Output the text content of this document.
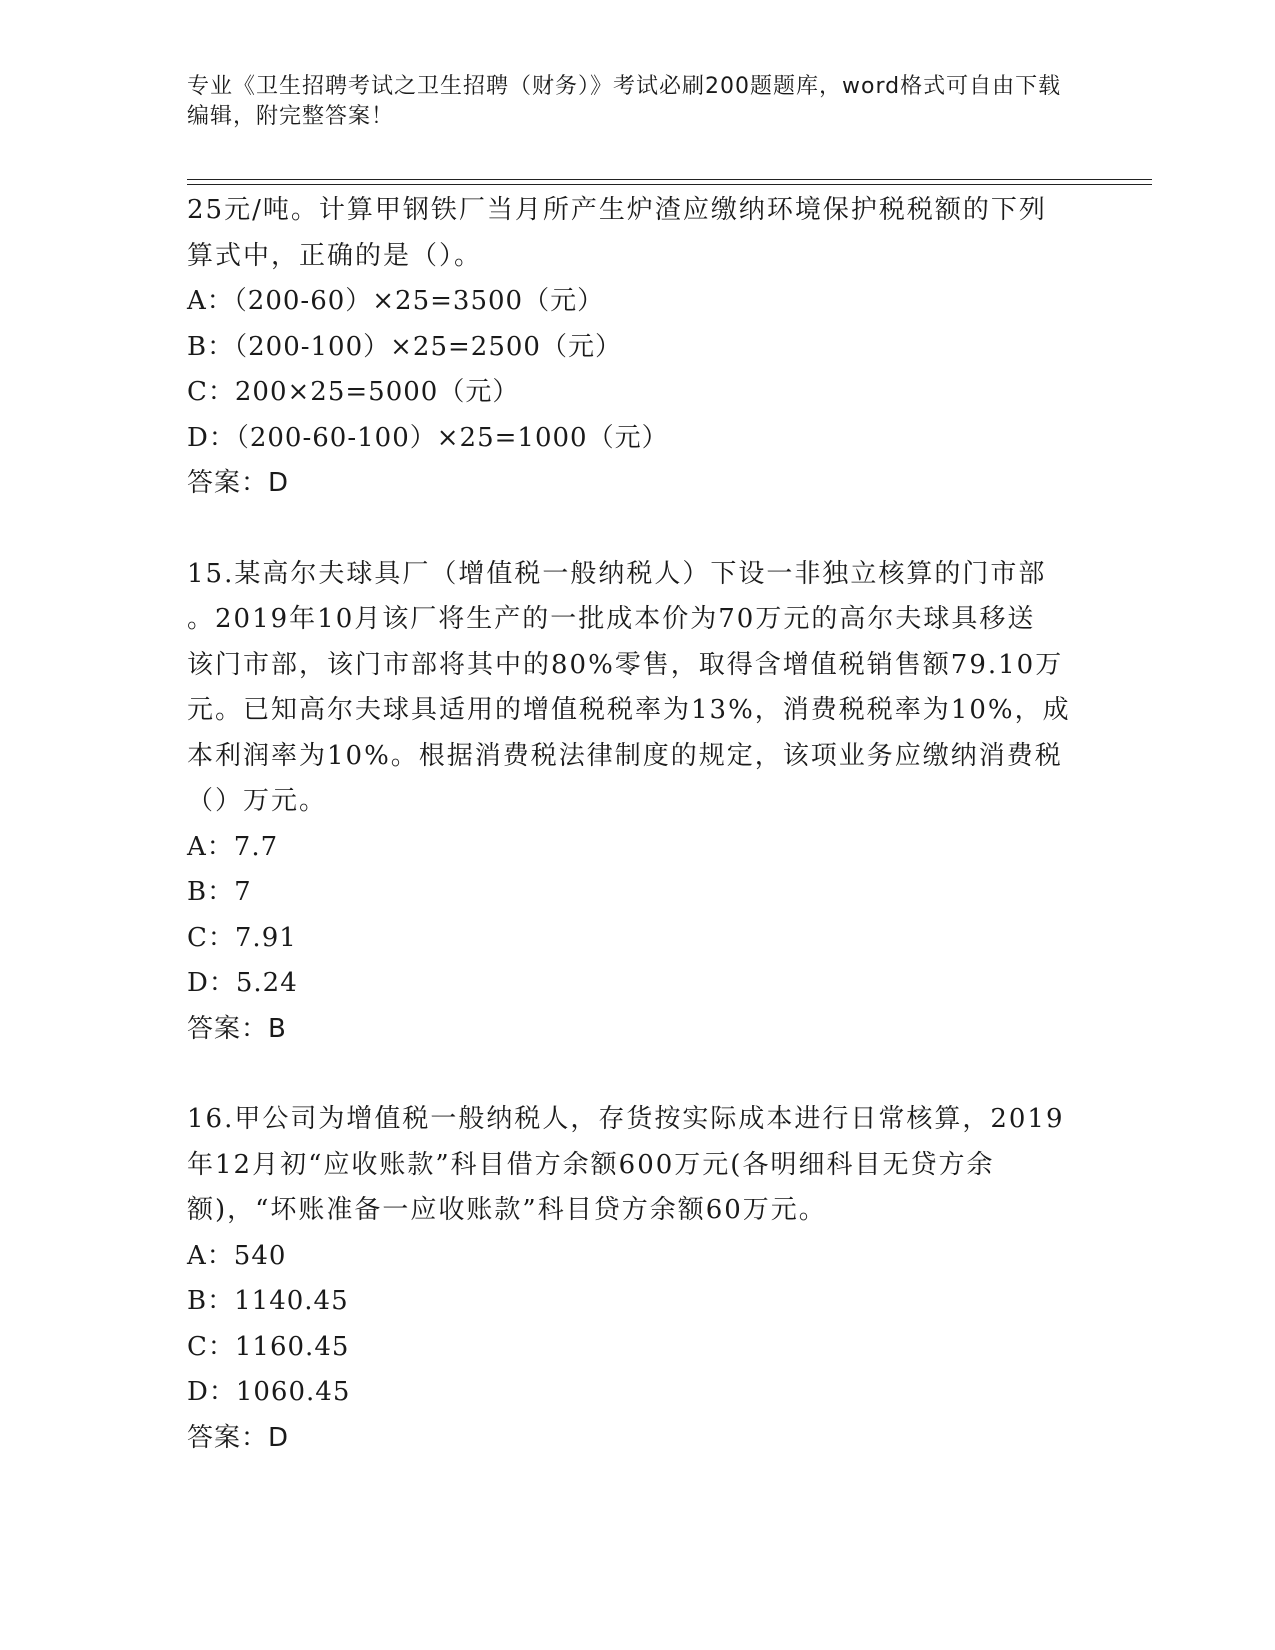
专业《卫生招聘考试之卫生招聘（财务）》考试必刷200题题库，word格式可自由下载编辑，附完整答案！

25元/吨。计算甲钢铁厂当月所产生炉渣应缴纳环境保护税税额的下列

算式中，正确的是（）。

A：（200-60）×25=3500（元）

B：（200-100）×25=2500（元）

C：200×25=5000（元）

D：（200-60-100）×25=1000（元）

答案：D

15.某高尔夫球具厂（增值税一般纳税人）下设一非独立核算的门市部

。2019年10月该厂将生产的一批成本价为70万元的高尔夫球具移送

该门市部，该门市部将其中的80%零售，取得含增值税销售额79.10万

元。已知高尔夫球具适用的增值税税率为13%，消费税税率为10%，成

本利润率为10%。根据消费税法律制度的规定，该项业务应缴纳消费税

（）万元。

A：7.7

B：7

C：7.91

D：5.24

答案：B

16.甲公司为增值税一般纳税人，存货按实际成本进行日常核算，2019

年12月初“应收账款”科目借方余额600万元(各明细科目无贷方余

额)，“坏账准备一应收账款”科目贷方余额60万元。

A：540

B：1140.45

C：1160.45

D：1060.45

答案：D
